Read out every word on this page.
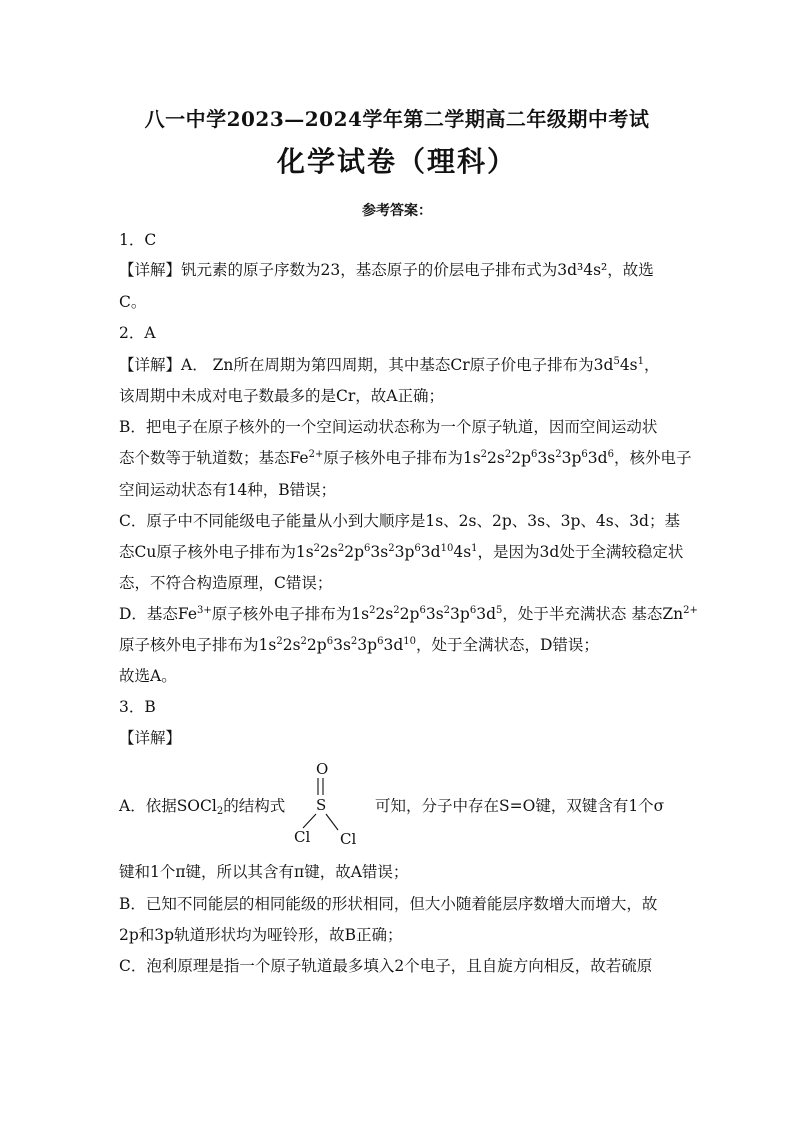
八一中学2023—2024学年第二学期高二年级期中考试
化学试卷（理科）
参考答案：
1．C
【详解】钒元素的原子序数为23，基态原子的价层电子排布式为3d³4s²，故选
C。
2．A
【详解】A． Zn所在周期为第四周期，其中基态Cr原子价电子排布为$3d^54s^1$，
该周期中未成对电子数最多的是Cr，故A正确；
B．把电子在原子核外的一个空间运动状态称为一个原子轨道，因而空间运动状
态个数等于轨道数；基态$Fe^{2+}$原子核外电子排布为$1s^22s^22p^63s^23p^63d^6$，核外电子
空间运动状态有14种，B错误；
C．原子中不同能级电子能量从小到大顺序是1s、2s、2p、3s、3p、4s、3d；基
态Cu原子核外电子排布为$1s^22s^22p^63s^23p^63d^{10}4s^1$，是因为3d处于全满较稳定状
态，不符合构造原理，C错误；
D．基态$Fe^{3+}$原子核外电子排布为$1s^22s^22p^63s^23p^63d^5$，处于半充满状态 基态$Zn^{2+}$
原子核外电子排布为$1s^22s^22p^63s^23p^63d^{10}$，处于全满状态，D错误；
故选A。
3．B
【详解】
A．依据SOCl$_2$的结构式
O
S
Cl Cl
可知，分子中存在S=O键，双键含有1个σ
键和1个π键，所以其含有π键，故A错误；
B．已知不同能层的相同能级的形状相同，但大小随着能层序数增大而增大，故
2p和3p轨道形状均为哑铃形，故B正确；
C．泡利原理是指一个原子轨道最多填入2个电子，且自旋方向相反，故若硫原
